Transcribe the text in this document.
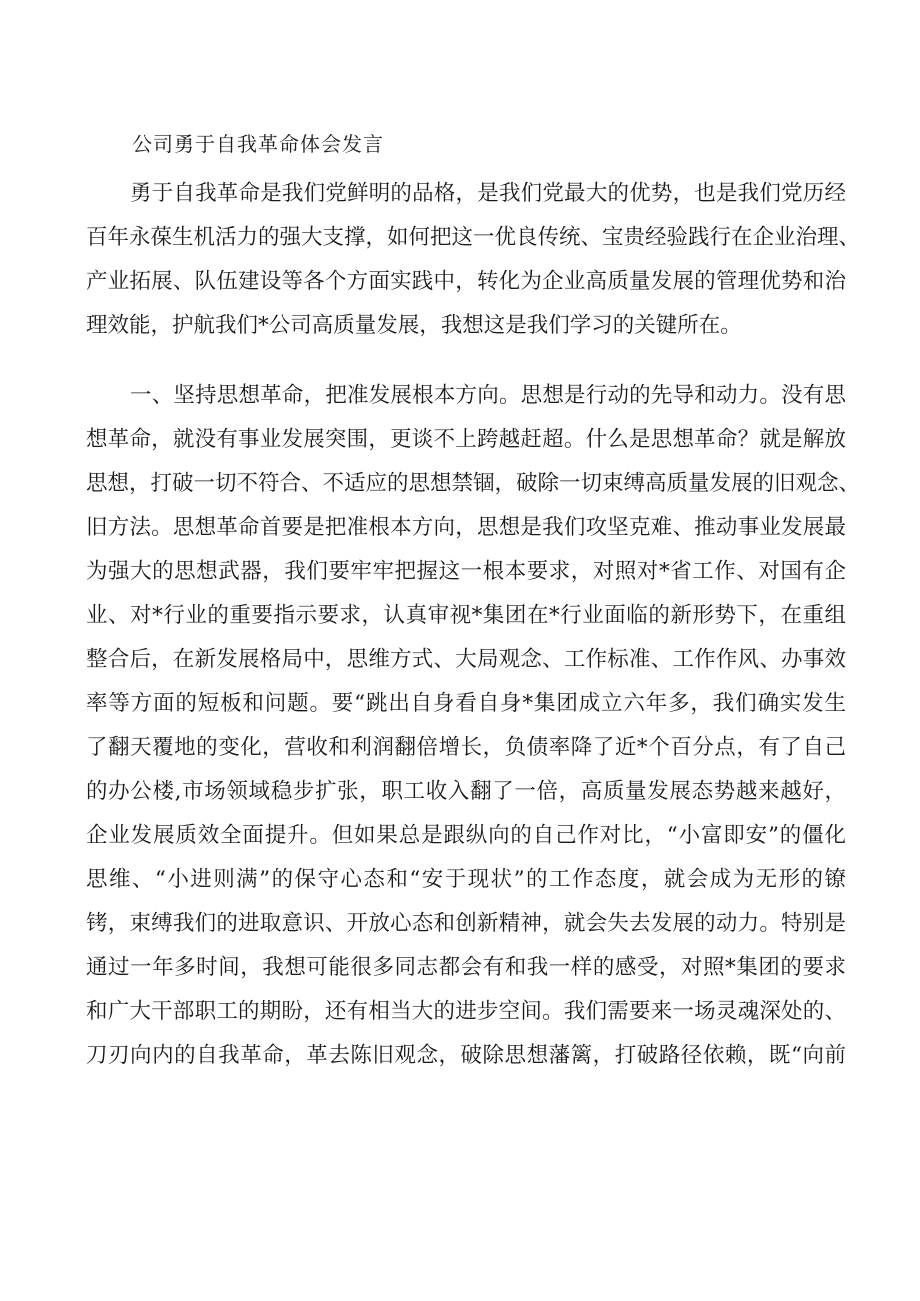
公司勇于自我革命体会发言
勇于自我革命是我们党鲜明的品格，是我们党最大的优势，也是我们党历经
百年永葆生机活力的强大支撑，如何把这一优良传统、宝贵经验践行在企业治理、
产业拓展、队伍建设等各个方面实践中，转化为企业高质量发展的管理优势和治
理效能，护航我们*公司高质量发展，我想这是我们学习的关键所在。
一、坚持思想革命，把准发展根本方向。思想是行动的先导和动力。没有思
想革命，就没有事业发展突围，更谈不上跨越赶超。什么是思想革命？就是解放
思想，打破一切不符合、不适应的思想禁锢，破除一切束缚高质量发展的旧观念、
旧方法。思想革命首要是把准根本方向，思想是我们攻坚克难、推动事业发展最
为强大的思想武器，我们要牢牢把握这一根本要求，对照对*省工作、对国有企
业、对*行业的重要指示要求，认真审视*集团在*行业面临的新形势下，在重组
整合后，在新发展格局中，思维方式、大局观念、工作标准、工作作风、办事效
率等方面的短板和问题。要“跳出自身看自身*集团成立六年多，我们确实发生
了翻天覆地的变化，营收和利润翻倍增长，负债率降了近*个百分点，有了自己
的办公楼,市场领域稳步扩张，职工收入翻了一倍，高质量发展态势越来越好，
企业发展质效全面提升。但如果总是跟纵向的自己作对比，“小富即安”的僵化
思维、“小进则满”的保守心态和“安于现状”的工作态度，就会成为无形的镣
铐，束缚我们的进取意识、开放心态和创新精神，就会失去发展的动力。特别是
通过一年多时间，我想可能很多同志都会有和我一样的感受，对照*集团的要求
和广大干部职工的期盼，还有相当大的进步空间。我们需要来一场灵魂深处的、
刀刃向内的自我革命，革去陈旧观念，破除思想藩篱，打破路径依赖，既“向前
